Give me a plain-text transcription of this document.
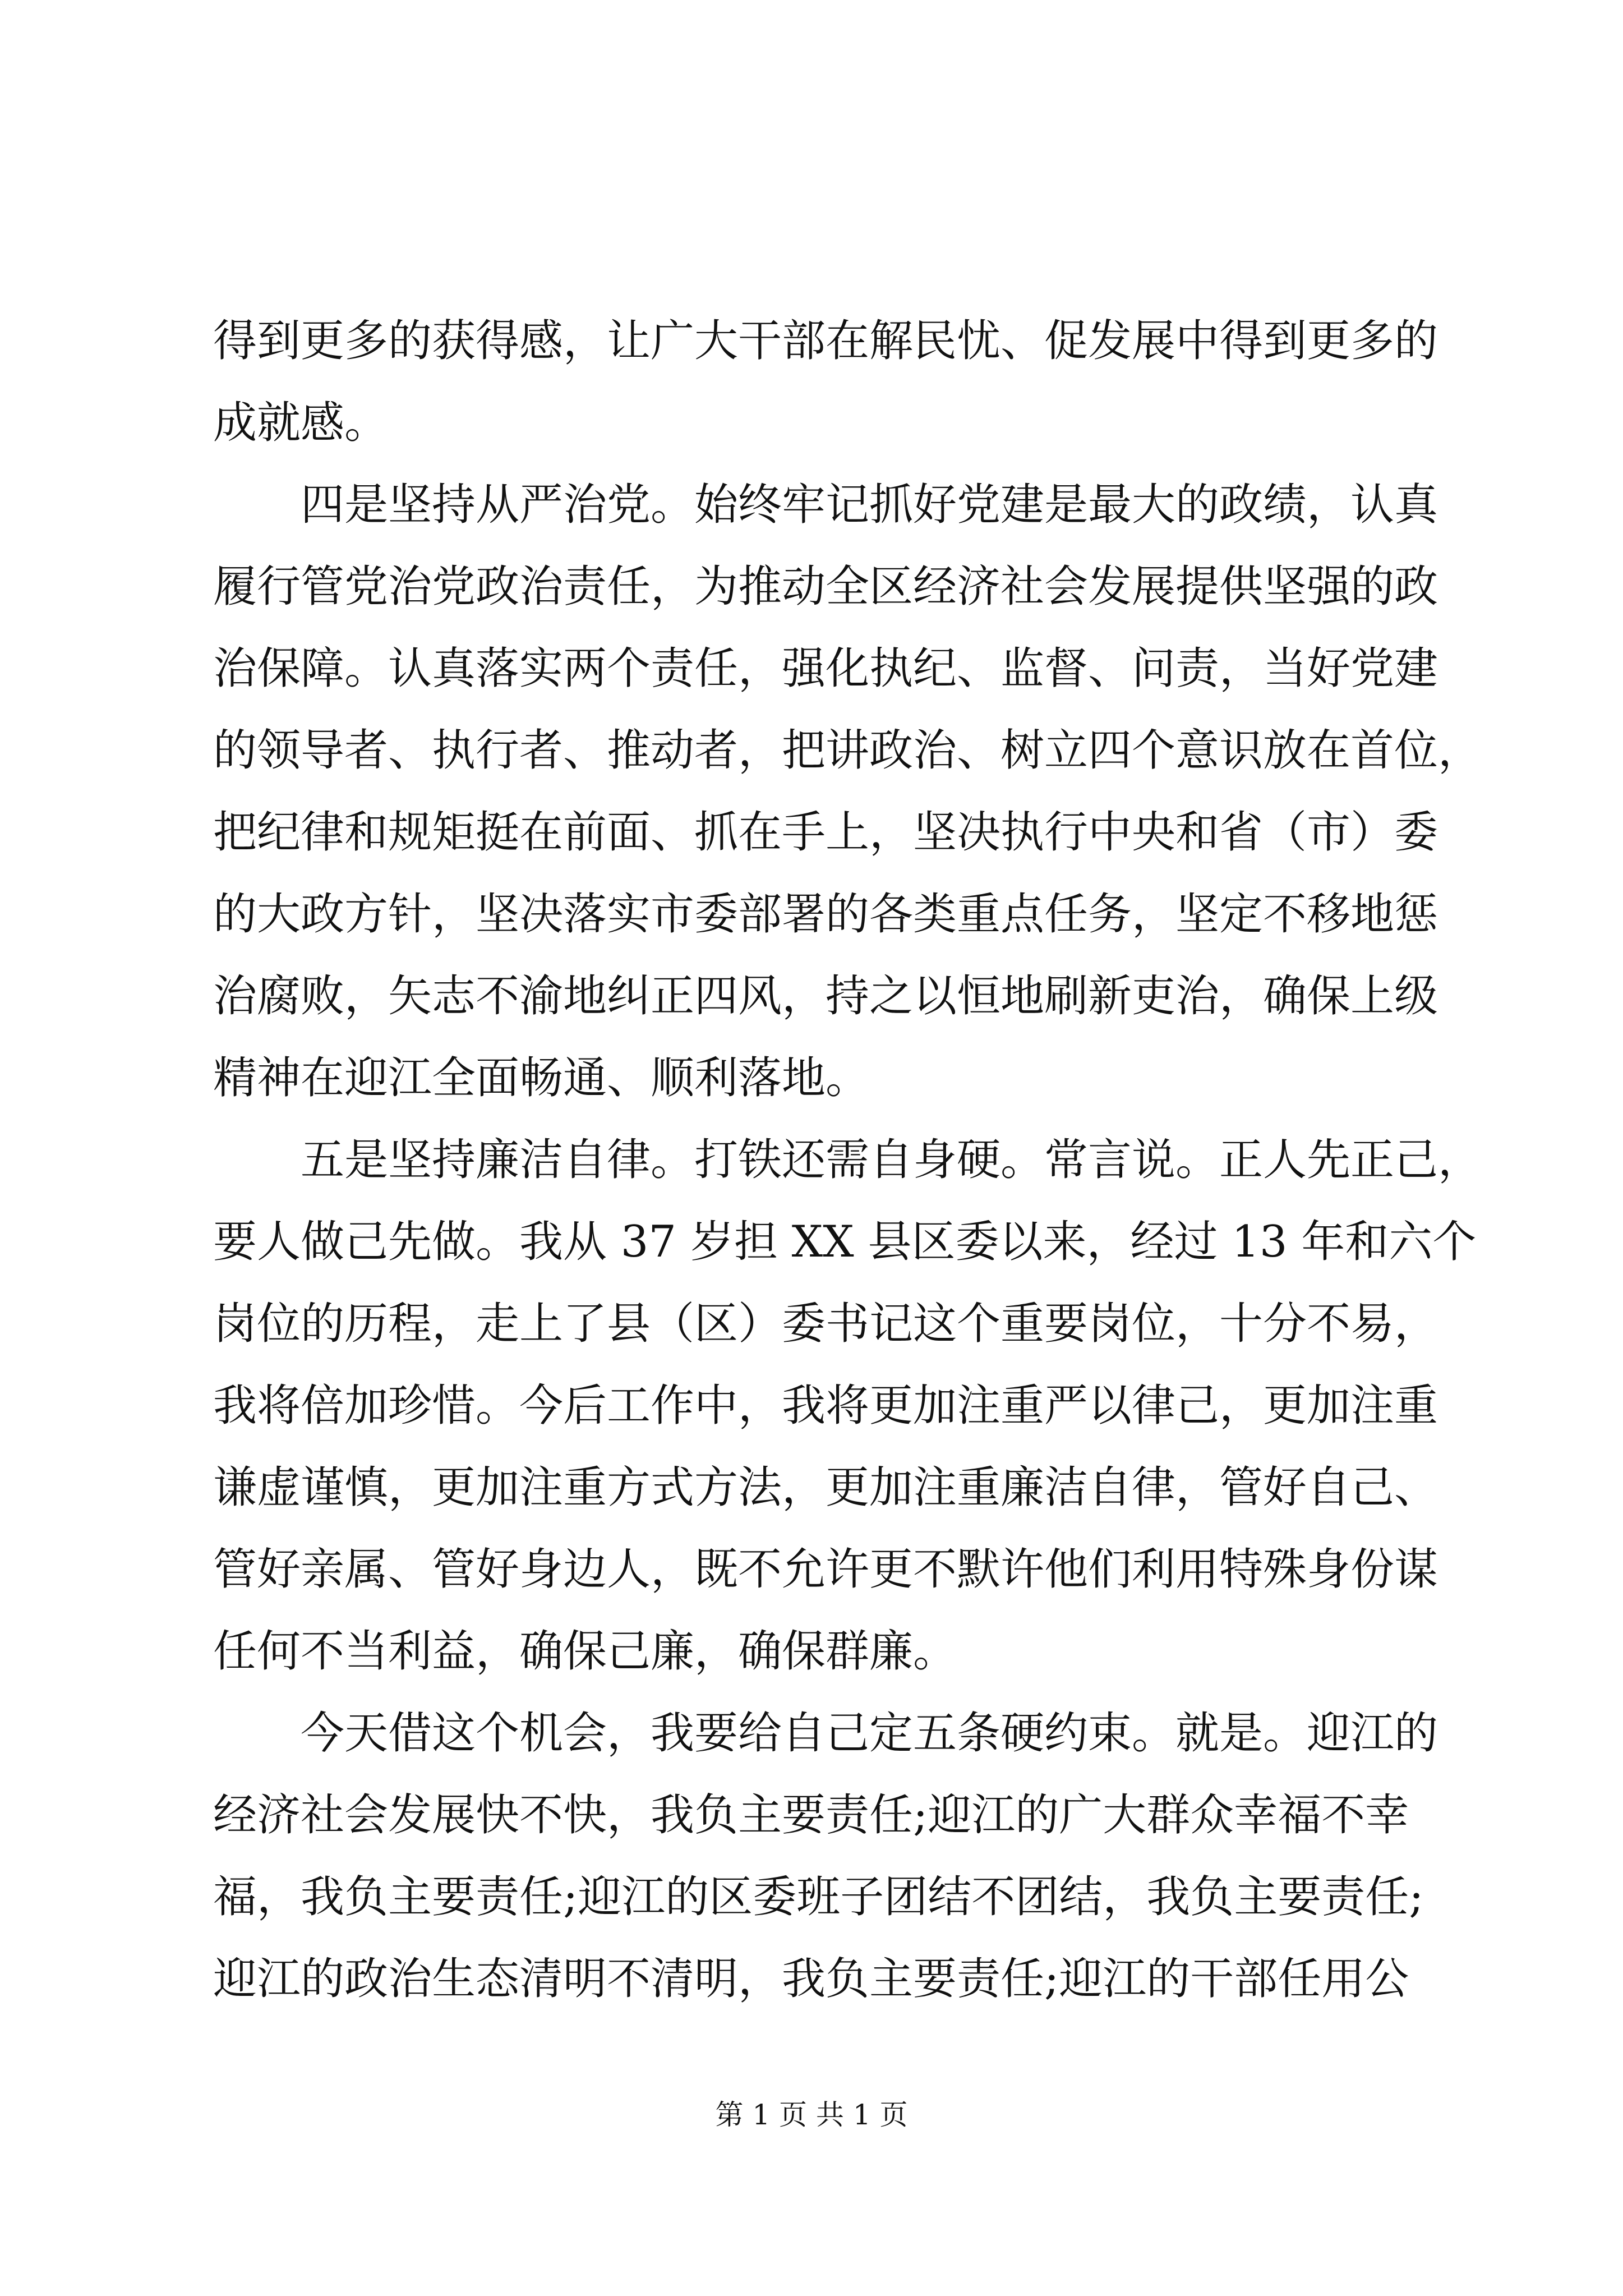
得到更多的获得感，让广大干部在解民忧、促发展中得到更多的
成就感。
　　四是坚持从严治党。始终牢记抓好党建是最大的政绩，认真
履行管党治党政治责任，为推动全区经济社会发展提供坚强的政
治保障。认真落实两个责任，强化执纪、监督、问责，当好党建
的领导者、执行者、推动者，把讲政治、树立四个意识放在首位，
把纪律和规矩挺在前面、抓在手上，坚决执行中央和省（市）委
的大政方针，坚决落实市委部署的各类重点任务，坚定不移地惩
治腐败，矢志不渝地纠正四风，持之以恒地刷新吏治，确保上级
精神在迎江全面畅通、顺利落地。
　　五是坚持廉洁自律。打铁还需自身硬。常言说。正人先正己，
要人做己先做。我从 37 岁担 XX 县区委以来，经过 13 年和六个
岗位的历程，走上了县（区）委书记这个重要岗位，十分不易，
我将倍加珍惜。今后工作中，我将更加注重严以律己，更加注重
谦虚谨慎，更加注重方式方法，更加注重廉洁自律，管好自己、
管好亲属、管好身边人，既不允许更不默许他们利用特殊身份谋
任何不当利益，确保己廉，确保群廉。
　　今天借这个机会，我要给自己定五条硬约束。就是。迎江的
经济社会发展快不快，我负主要责任;迎江的广大群众幸福不幸
福，我负主要责任;迎江的区委班子团结不团结，我负主要责任;
迎江的政治生态清明不清明，我负主要责任;迎江的干部任用公
第 1 页 共 1 页
